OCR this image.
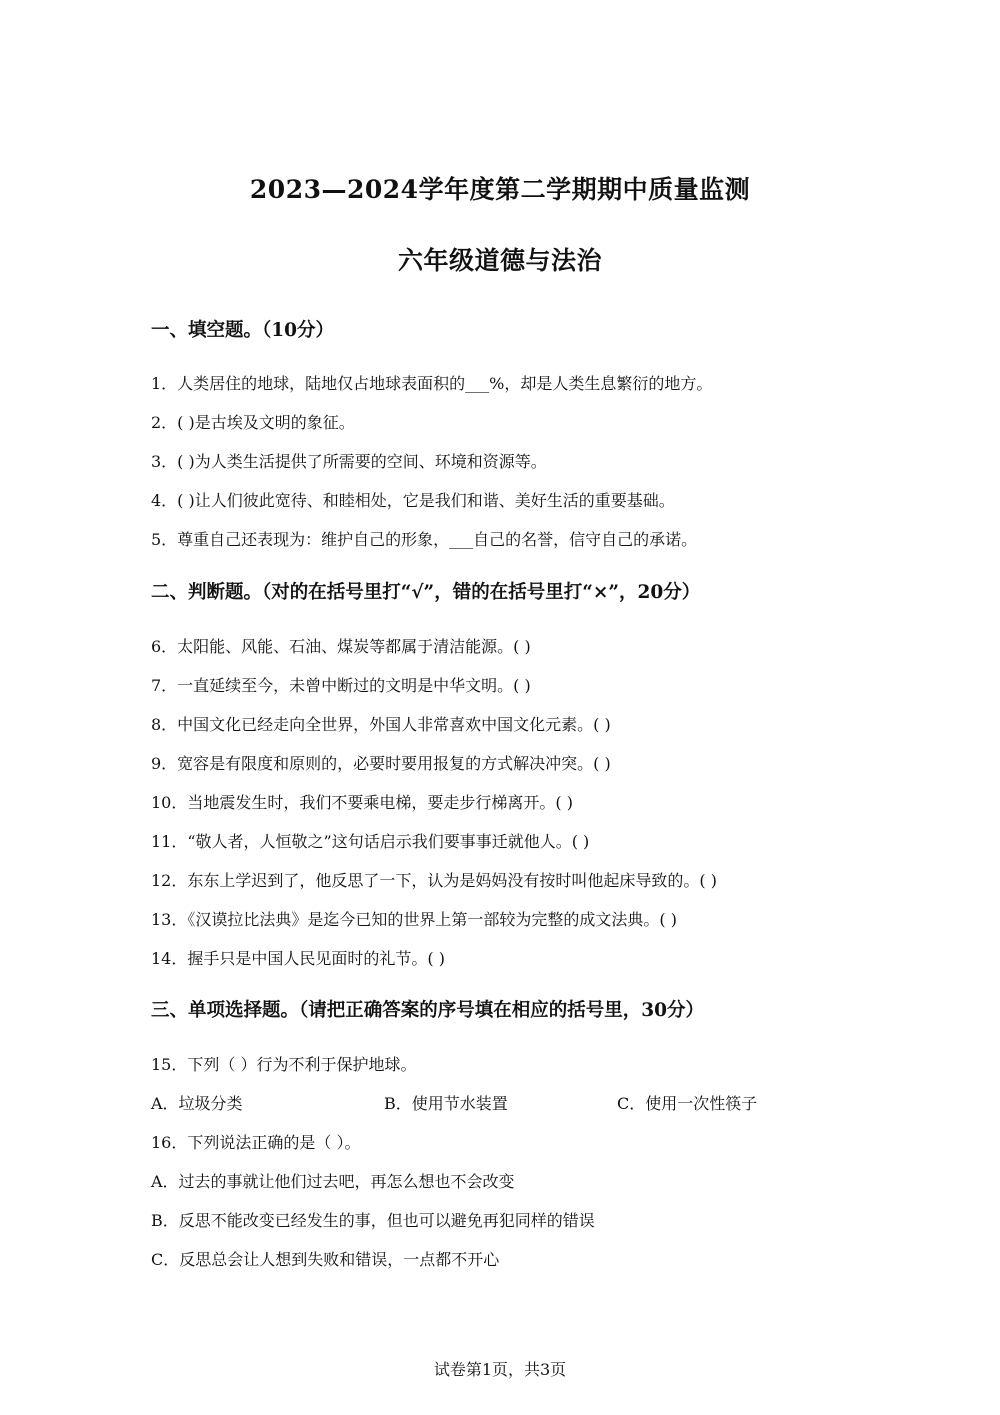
2023—2024学年度第二学期期中质量监测
六年级道德与法治
一、填空题。（10分）
1．人类居住的地球，陆地仅占地球表面积的___%，却是人类生息繁衍的地方。
2．( )是古埃及文明的象征。
3．( )为人类生活提供了所需要的空间、环境和资源等。
4．( )让人们彼此宽待、和睦相处，它是我们和谐、美好生活的重要基础。
5．尊重自己还表现为：维护自己的形象，___自己的名誉，信守自己的承诺。
二、判断题。（对的在括号里打“√”，错的在括号里打“×”，20分）
6．太阳能、风能、石油、煤炭等都属于清洁能源。( )
7．一直延续至今，未曾中断过的文明是中华文明。( )
8．中国文化已经走向全世界，外国人非常喜欢中国文化元素。( )
9．宽容是有限度和原则的，必要时要用报复的方式解决冲突。( )
10．当地震发生时，我们不要乘电梯，要走步行梯离开。( )
11．“敬人者，人恒敬之”这句话启示我们要事事迁就他人。( )
12．东东上学迟到了，他反思了一下，认为是妈妈没有按时叫他起床导致的。( )
13．《汉谟拉比法典》是迄今已知的世界上第一部较为完整的成文法典。( )
14．握手只是中国人民见面时的礼节。( )
三、单项选择题。（请把正确答案的序号填在相应的括号里，30分）
15．下列（ ）行为不利于保护地球。
A．垃圾分类	B．使用节水装置	C．使用一次性筷子
16．下列说法正确的是（ ）。
A．过去的事就让他们过去吧，再怎么想也不会改变
B．反思不能改变已经发生的事，但也可以避免再犯同样的错误
C．反思总会让人想到失败和错误，一点都不开心
试卷第1页，共3页
